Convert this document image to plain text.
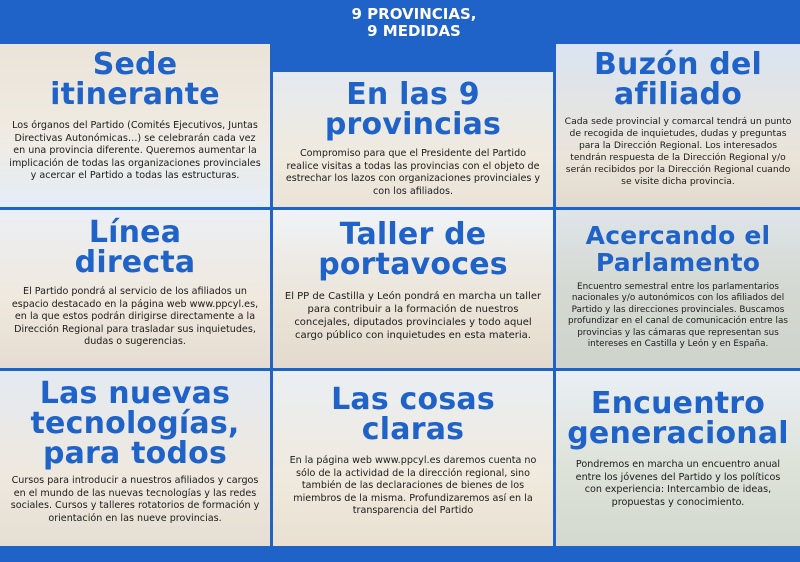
9 PROVINCIAS,
9 MEDIDAS
Sede itinerante

Los órganos del Partido (Comités Ejecutivos, Juntas Directivas Autonómicas…) se celebrarán cada vez en una provincia diferente. Queremos aumentar la implicación de todas las organizaciones provinciales y acercar el Partido a todas las estructuras.

En las 9 provincias

Compromiso para que el Presidente del Partido realice visitas a todas las provincias con el objeto de estrechar los lazos con organizaciones provinciales y con los afiliados.

Buzón del afiliado

Cada sede provincial y comarcal tendrá un punto de recogida de inquietudes, dudas y preguntas para la Dirección Regional. Los interesados tendrán respuesta de la Dirección Regional y/o serán recibidos por la Dirección Regional cuando se visite dicha provincia.

Línea directa

El Partido pondrá al servicio de los afiliados un espacio destacado en la página web www.ppcyl.es, en la que estos podrán dirigirse directamente a la Dirección Regional para trasladar sus inquietudes, dudas o sugerencias.

Taller de portavoces

El PP de Castilla y León pondrá en marcha un taller para contribuir a la formación de nuestros concejales, diputados provinciales y todo aquel cargo público con inquietudes en esta materia.

Acercando el Parlamento

Encuentro semestral entre los parlamentarios nacionales y/o autonómicos con los afiliados del Partido y las direcciones provinciales. Buscamos profundizar en el canal de comunicación entre las provincias y las cámaras que representan sus intereses en Castilla y León y en España.

Las nuevas tecnologías, para todos

Cursos para introducir a nuestros afiliados y cargos en el mundo de las nuevas tecnologías y las redes sociales. Cursos y talleres rotatorios de formación y orientación en las nueve provincias.

Las cosas claras

En la página web www.ppcyl.es daremos cuenta no sólo de la actividad de la dirección regional, sino también de las declaraciones de bienes de los miembros de la misma. Profundizaremos así en la transparencia del Partido

Encuentro generacional

Pondremos en marcha un encuentro anual entre los jóvenes del Partido y los políticos con experiencia: Intercambio de ideas, propuestas y conocimiento.
